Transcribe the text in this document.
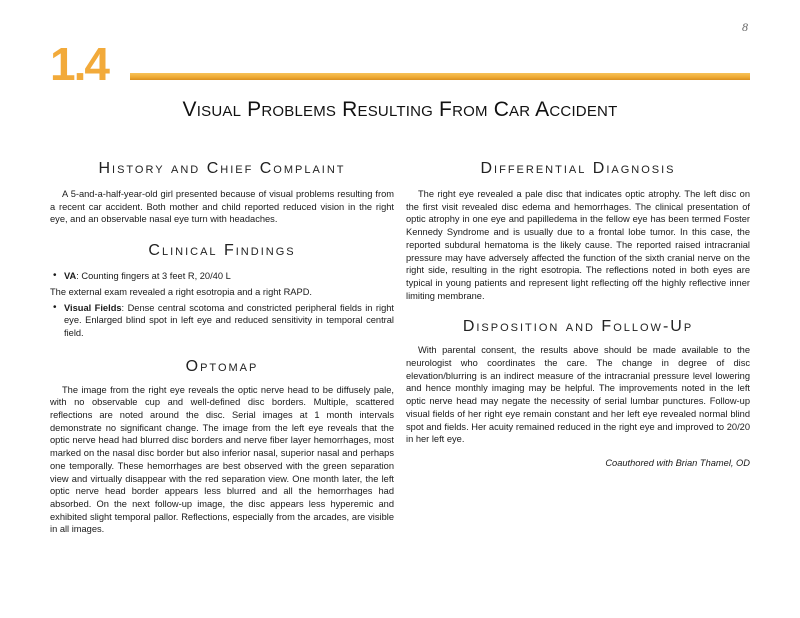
8
1.4
Visual Problems Resulting From Car Accident
History and Chief Complaint

A 5-and-a-half-year-old girl presented because of visual problems resulting from a recent car accident. Both mother and child reported reduced vision in the right eye, and an observable nasal eye turn with headaches.

Clinical Findings
• VA: Counting fingers at 3 feet R, 20/40 L

The external exam revealed a right esotropia and a right RAPD.

• Visual Fields: Dense central scotoma and constricted peripheral fields in right eye. Enlarged blind spot in left eye and reduced sensitivity in temporal central field.
Optomap

The image from the right eye reveals the optic nerve head to be diffusely pale, with no observable cup and well-defined disc borders. Multiple, scattered reflections are noted around the disc. Serial images at 1 month intervals demonstrate no significant change. The image from the left eye reveals that the optic nerve head had blurred disc borders and nerve fiber layer hemorrhages, most marked on the nasal disc border but also inferior nasal, superior nasal and perhaps one temporally. These hemorrhages are best observed with the green separation view and virtually disappear with the red separation view. One month later, the left optic nerve head border appears less blurred and all the hemorrhages had absorbed. On the next follow-up image, the disc appears less hyperemic and exhibited slight temporal pallor. Reflections, especially from the arcades, are visible in all images.

Differential Diagnosis

The right eye revealed a pale disc that indicates optic atrophy. The left disc on the first visit revealed disc edema and hemorrhages. The clinical presentation of optic atrophy in one eye and papilledema in the fellow eye has been termed Foster Kennedy Syndrome and is usually due to a frontal lobe tumor. In this case, the reported subdural hematoma is the likely cause. The reported raised intracranial pressure may have adversely affected the function of the sixth cranial nerve on the right side, resulting in the right esotropia. The reflections noted in both eyes are typical in young patients and represent light reflecting off the highly reflective inner limiting membrane.

Disposition and Follow-Up

With parental consent, the results above should be made available to the neurologist who coordinates the care. The change in degree of disc elevation/blurring is an indirect measure of the intracranial pressure level lowering and hence monthly imaging may be helpful. The improvements noted in the left optic nerve head may negate the necessity of serial lumbar punctures. Follow-up visual fields of her right eye remain constant and her left eye revealed normal blind spot and fields. Her acuity remained reduced in the right eye and improved to 20/20 in her left eye.

Coauthored with Brian Thamel, OD
